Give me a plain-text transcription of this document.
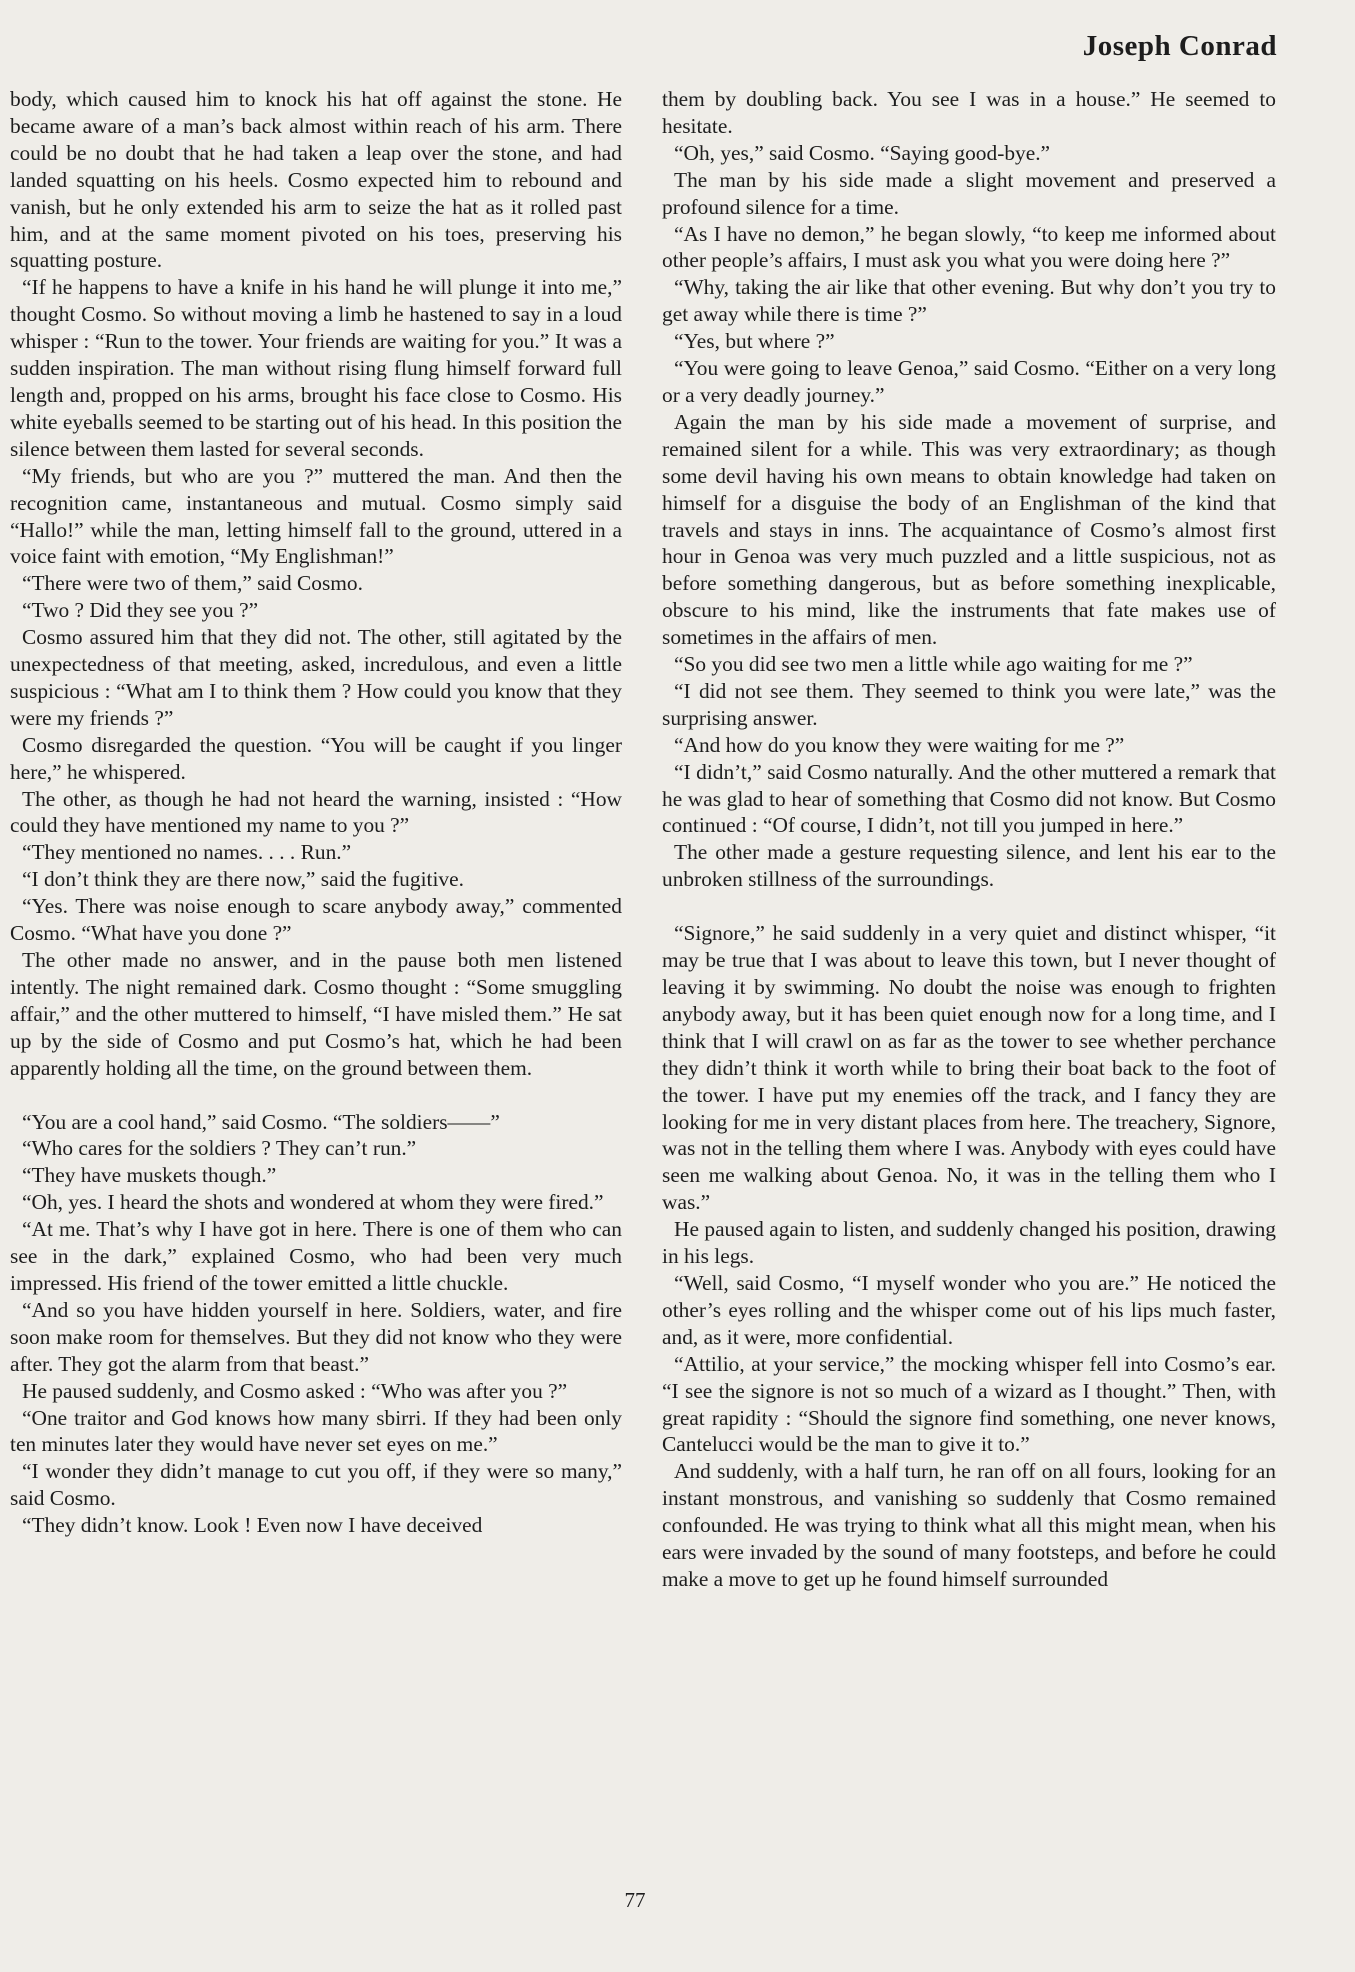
Joseph Conrad

body, which caused him to knock his hat off against the stone. He became aware of a man’s back almost within reach of his arm. There could be no doubt that he had taken a leap over the stone, and had landed squatting on his heels. Cosmo expected him to rebound and vanish, but he only extended his arm to seize the hat as it rolled past him, and at the same moment pivoted on his toes, preserving his squatting posture.

“If he happens to have a knife in his hand he will plunge it into me,” thought Cosmo. So without moving a limb he hastened to say in a loud whisper : “Run to the tower. Your friends are waiting for you.” It was a sudden inspiration. The man without rising flung himself forward full length and, propped on his arms, brought his face close to Cosmo. His white eyeballs seemed to be starting out of his head. In this position the silence between them lasted for several seconds.

“My friends, but who are you ?” muttered the man. And then the recognition came, instantaneous and mutual. Cosmo simply said “Hallo!” while the man, letting himself fall to the ground, uttered in a voice faint with emotion, “My Englishman!”

“There were two of them,” said Cosmo.

“Two ? Did they see you ?”

Cosmo assured him that they did not. The other, still agitated by the unexpectedness of that meeting, asked, incredulous, and even a little suspicious : “What am I to think them ? How could you know that they were my friends ?”

Cosmo disregarded the question. “You will be caught if you linger here,” he whispered.

The other, as though he had not heard the warning, insisted : “How could they have mentioned my name to you ?”

“They mentioned no names. . . . Run.”

“I don’t think they are there now,” said the fugitive.

“Yes. There was noise enough to scare anybody away,” commented Cosmo. “What have you done ?”

The other made no answer, and in the pause both men listened intently. The night remained dark. Cosmo thought : “Some smuggling affair,” and the other muttered to himself, “I have misled them.” He sat up by the side of Cosmo and put Cosmo’s hat, which he had been apparently holding all the time, on the ground between them.

“You are a cool hand,” said Cosmo. “The soldiers——”

“Who cares for the soldiers ? They can’t run.”

“They have muskets though.”

“Oh, yes. I heard the shots and wondered at whom they were fired.”

“At me. That’s why I have got in here. There is one of them who can see in the dark,” explained Cosmo, who had been very much impressed. His friend of the tower emitted a little chuckle.

“And so you have hidden yourself in here. Soldiers, water, and fire soon make room for themselves. But they did not know who they were after. They got the alarm from that beast.”

He paused suddenly, and Cosmo asked : “Who was after you ?”

“One traitor and God knows how many sbirri. If they had been only ten minutes later they would have never set eyes on me.”

“I wonder they didn’t manage to cut you off, if they were so many,” said Cosmo.

“They didn’t know. Look ! Even now I have deceived

them by doubling back. You see I was in a house.” He seemed to hesitate.

“Oh, yes,” said Cosmo. “Saying good-bye.”

The man by his side made a slight movement and preserved a profound silence for a time.

“As I have no demon,” he began slowly, “to keep me informed about other people’s affairs, I must ask you what you were doing here ?”

“Why, taking the air like that other evening. But why don’t you try to get away while there is time ?”

“Yes, but where ?”

“You were going to leave Genoa,” said Cosmo. “Either on a very long or a very deadly journey.”

Again the man by his side made a movement of surprise, and remained silent for a while. This was very extraordinary; as though some devil having his own means to obtain knowledge had taken on himself for a disguise the body of an Englishman of the kind that travels and stays in inns. The acquaintance of Cosmo’s almost first hour in Genoa was very much puzzled and a little suspicious, not as before something dangerous, but as before something inexplicable, obscure to his mind, like the instruments that fate makes use of sometimes in the affairs of men.

“So you did see two men a little while ago waiting for me ?”

“I did not see them. They seemed to think you were late,” was the surprising answer.

“And how do you know they were waiting for me ?”

“I didn’t,” said Cosmo naturally. And the other muttered a remark that he was glad to hear of something that Cosmo did not know. But Cosmo continued : “Of course, I didn’t, not till you jumped in here.”

The other made a gesture requesting silence, and lent his ear to the unbroken stillness of the surroundings.

“Signore,” he said suddenly in a very quiet and distinct whisper, “it may be true that I was about to leave this town, but I never thought of leaving it by swimming. No doubt the noise was enough to frighten anybody away, but it has been quiet enough now for a long time, and I think that I will crawl on as far as the tower to see whether perchance they didn’t think it worth while to bring their boat back to the foot of the tower. I have put my enemies off the track, and I fancy they are looking for me in very distant places from here. The treachery, Signore, was not in the telling them where I was. Anybody with eyes could have seen me walking about Genoa. No, it was in the telling them who I was.”

He paused again to listen, and suddenly changed his position, drawing in his legs.

“Well, said Cosmo, “I myself wonder who you are.” He noticed the other’s eyes rolling and the whisper come out of his lips much faster, and, as it were, more confidential.

“Attilio, at your service,” the mocking whisper fell into Cosmo’s ear. “I see the signore is not so much of a wizard as I thought.” Then, with great rapidity : “Should the signore find something, one never knows, Cantelucci would be the man to give it to.”

And suddenly, with a half turn, he ran off on all fours, looking for an instant monstrous, and vanishing so suddenly that Cosmo remained confounded. He was trying to think what all this might mean, when his ears were invaded by the sound of many footsteps, and before he could make a move to get up he found himself surrounded

77
